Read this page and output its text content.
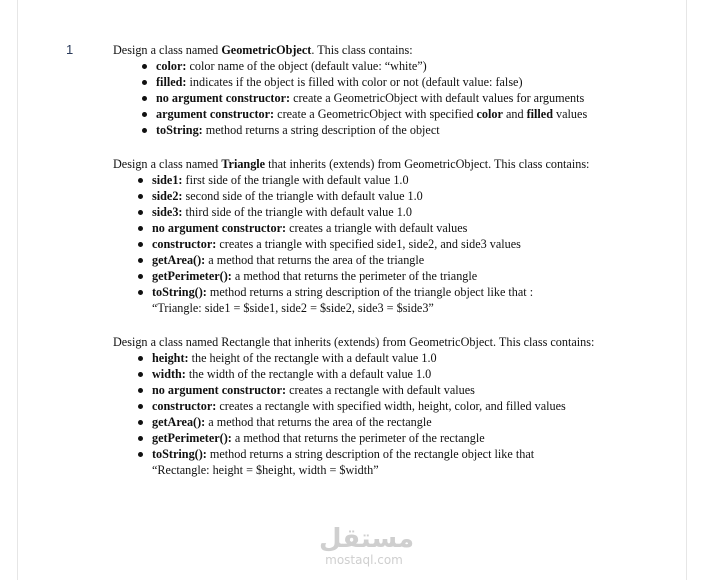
1	Design a class named GeometricObject. This class contains:
color: color name of the object (default value: “white”)
filled: indicates if the object is filled with color or not (default value: false)
no argument constructor: create a GeometricObject with default values for arguments
argument constructor: create a GeometricObject with specified color and filled values
toString: method returns a string description of the object
Design a class named Triangle that inherits (extends) from GeometricObject. This class contains:
side1: first side of the triangle with default value 1.0
side2: second side of the triangle with default value 1.0
side3: third side of the triangle with default value 1.0
no argument constructor: creates a triangle with default values
constructor: creates a triangle with specified side1, side2, and side3 values
getArea(): a method that returns the area of the triangle
getPerimeter(): a method that returns the perimeter of the triangle
toString(): method returns a string description of the triangle object like that :
“Triangle: side1 = $side1, side2 = $side2, side3 = $side3”
Design a class named Rectangle that inherits (extends) from GeometricObject. This class contains:
height: the height of the rectangle with a default value 1.0
width: the width of the rectangle with a default value 1.0
no argument constructor: creates a rectangle with default values
constructor: creates a rectangle with specified width, height, color, and filled values
getArea(): a method that returns the area of the rectangle
getPerimeter(): a method that returns the perimeter of the rectangle
toString(): method returns a string description of the rectangle object like that
“Rectangle: height = $height, width = $width”
مستقل
mostaql.com
